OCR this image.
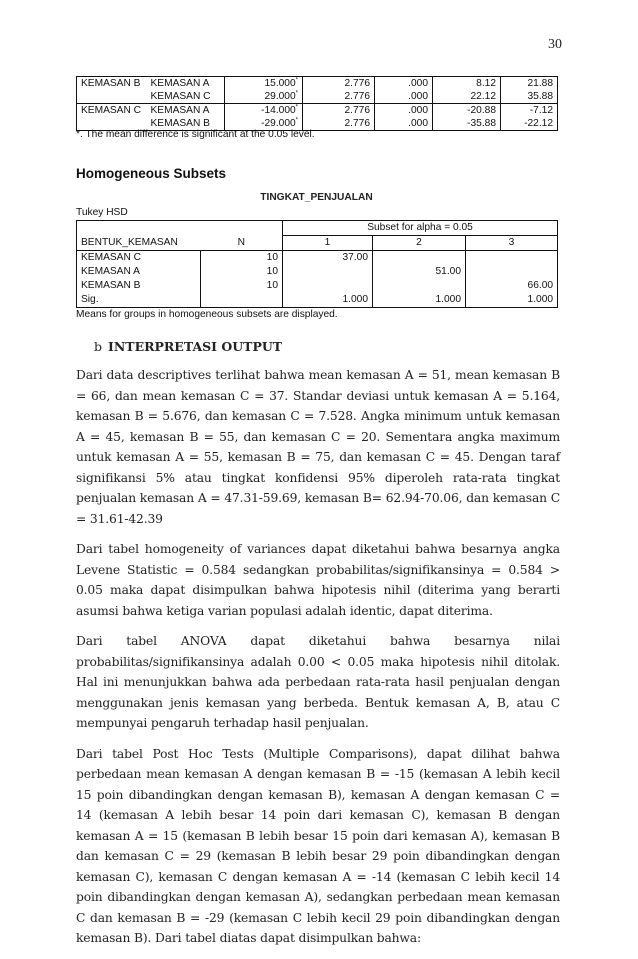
30
KEMASAN B	KEMASAN A	15.000*	2.776	.000	8.12	21.88
	KEMASAN C	29.000*	2.776	.000	22.12	35.88
KEMASAN C	KEMASAN A	-14.000*	2.776	.000	-20.88	-7.12
	KEMASAN B	-29.000*	2.776	.000	-35.88	-22.12
*. The mean difference is significant at the 0.05 level.
Homogeneous Subsets
TINGKAT_PENJUALAN
Tukey HSD
		Subset for alpha = 0.05		
BENTUK_KEMASAN	N	1	2	3
KEMASAN C	10	37.00		
KEMASAN A	10		51.00	
KEMASAN B	10			66.00
Sig.		1.000	1.000	1.000
Means for groups in homogeneous subsets are displayed.
b INTERPRETASI OUTPUT

Dari data descriptives terlihat bahwa mean kemasan A = 51, mean kemasan B = 66, dan mean kemasan C = 37. Standar deviasi untuk kemasan A = 5.164, kemasan B = 5.676, dan kemasan C = 7.528. Angka minimum untuk kemasan A = 45, kemasan B = 55, dan kemasan C = 20. Sementara angka maximum untuk kemasan A = 55, kemasan B = 75, dan kemasan C = 45. Dengan taraf signifikansi 5% atau tingkat konfidensi 95% diperoleh rata-rata tingkat penjualan kemasan A = 47.31-59.69, kemasan B= 62.94-70.06, dan kemasan C = 31.61-42.39

Dari tabel homogeneity of variances dapat diketahui bahwa besarnya angka Levene Statistic = 0.584 sedangkan probabilitas/signifikansinya = 0.584 > 0.05 maka dapat disimpulkan bahwa hipotesis nihil (diterima yang berarti asumsi bahwa ketiga varian populasi adalah identic, dapat diterima.

Dari tabel ANOVA dapat diketahui bahwa besarnya nilai probabilitas/signifikansinya adalah 0.00 < 0.05 maka hipotesis nihil ditolak. Hal ini menunjukkan bahwa ada perbedaan rata-rata hasil penjualan dengan menggunakan jenis kemasan yang berbeda. Bentuk kemasan A, B, atau C mempunyai pengaruh terhadap hasil penjualan.

Dari tabel Post Hoc Tests (Multiple Comparisons), dapat dilihat bahwa perbedaan mean kemasan A dengan kemasan B = -15 (kemasan A lebih kecil 15 poin dibandingkan dengan kemasan B), kemasan A dengan kemasan C = 14 (kemasan A lebih besar 14 poin dari kemasan C), kemasan B dengan kemasan A = 15 (kemasan B lebih besar 15 poin dari kemasan A), kemasan B dan kemasan C = 29 (kemasan B lebih besar 29 poin dibandingkan dengan kemasan C), kemasan C dengan kemasan A = -14 (kemasan C lebih kecil 14 poin dibandingkan dengan kemasan A), sedangkan perbedaan mean kemasan C dan kemasan B = -29 (kemasan C lebih kecil 29 poin dibandingkan dengan kemasan B). Dari tabel diatas dapat disimpulkan bahwa:
